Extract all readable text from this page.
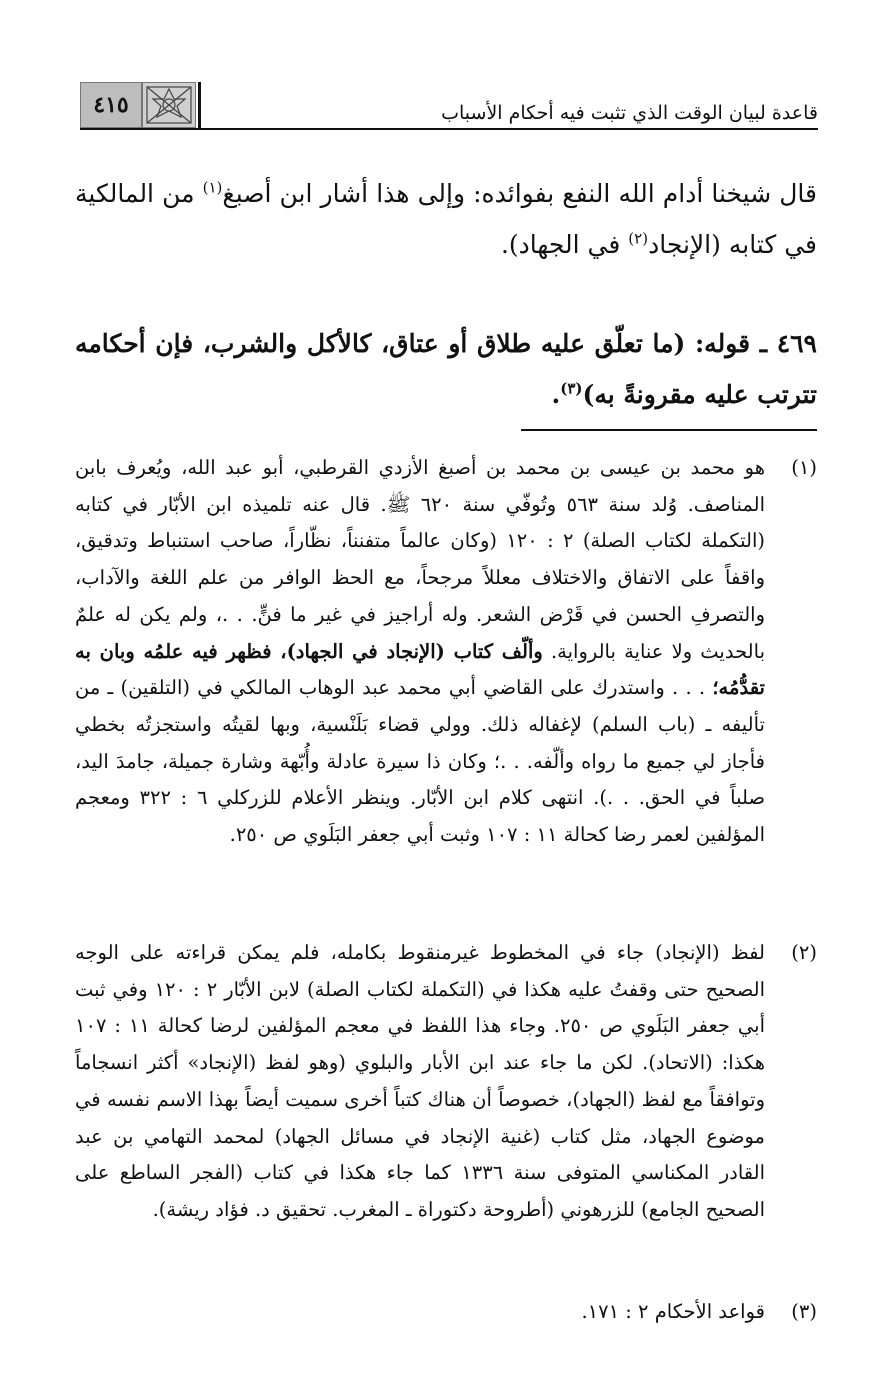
قاعدة لبيان الوقت الذي تثبت فيه أحكام الأسباب
٤١٥
قال شيخنا أدام الله النفع بفوائده: وإلى هذا أشار ابن أصبغ$^{(١)}$ من المالكية في كتابه (الإنجاد$^{(٢)}$ في الجهاد).
٤٦٩ ـ قوله: (ما تعلّق عليه طلاق أو عتاق، كالأكل والشرب، فإن أحكامه تترتب عليه مقرونةً به)$^{(٣)}$.
(١)
هو محمد بن عيسى بن محمد بن أصبغ الأزدي القرطبي، أبو عبد الله، ويُعرف بابن المناصف. وُلد سنة ٥٦٣ وتُوفّي سنة ٦٢٠ ﷺ. قال عنه تلميذه ابن الأبّار في كتابه (التكملة لكتاب الصلة) ٢ : ١٢٠ (وكان عالماً متفنناً، نظّاراً، صاحب استنباط وتدقيق، واقفاً على الاتفاق والاختلاف معللاً مرجحاً، مع الحظ الوافر من علم اللغة والآداب، والتصرفِ الحسن في قَرْض الشعر. وله أراجيز في غير ما فنٍّ. . .، ولم يكن له علمٌ بالحديث ولا عناية بالرواية. وألّف كتاب (الإنجاد في الجهاد)، فظهر فيه علمُه وبان به تقدُّمُه؛ . . . واستدرك على القاضي أبي محمد عبد الوهاب المالكي في (التلقين) ـ من تأليفه ـ (باب السلم) لإغفاله ذلك. وولي قضاء بَلَنْسية، وبها لقيتُه واستجزتُه بخطي فأجاز لي جميع ما رواه وألّفه. . .؛ وكان ذا سيرة عادلة وأُبّهة وشارة جميلة، جامدَ اليد، صلباً في الحق. . .). انتهى كلام ابن الأبّار. وينظر الأعلام للزركلي ٦ : ٣٢٢ ومعجم المؤلفين لعمر رضا كحالة ١١ : ١٠٧ وثبت أبي جعفر البَلَوي ص ٢٥٠.
(٢)
لفظ (الإنجاد) جاء في المخطوط غيرمنقوط بكامله، فلم يمكن قراءته على الوجه الصحيح حتى وقفتُ عليه هكذا في (التكملة لكتاب الصلة) لابن الأبّار ٢ : ١٢٠ وفي ثبت أبي جعفر البَلَوي ص ٢٥٠. وجاء هذا اللفظ في معجم المؤلفين لرضا كحالة ١١ : ١٠٧ هكذا: (الاتحاد). لكن ما جاء عند ابن الأبار والبلوي (وهو لفظ (الإنجاد» أكثر انسجاماً وتوافقاً مع لفظ (الجهاد)، خصوصاً أن هناك كتباً أخرى سميت أيضاً بهذا الاسم نفسه في موضوع الجهاد، مثل كتاب (غنية الإنجاد في مسائل الجهاد) لمحمد التهامي بن عبد القادر المكناسي المتوفى سنة ١٣٣٦ كما جاء هكذا في كتاب (الفجر الساطع على الصحيح الجامع) للزرهوني (أطروحة دكتوراة ـ المغرب. تحقيق د. فؤاد ريشة).
(٣)
قواعد الأحكام ٢ : ١٧١.
